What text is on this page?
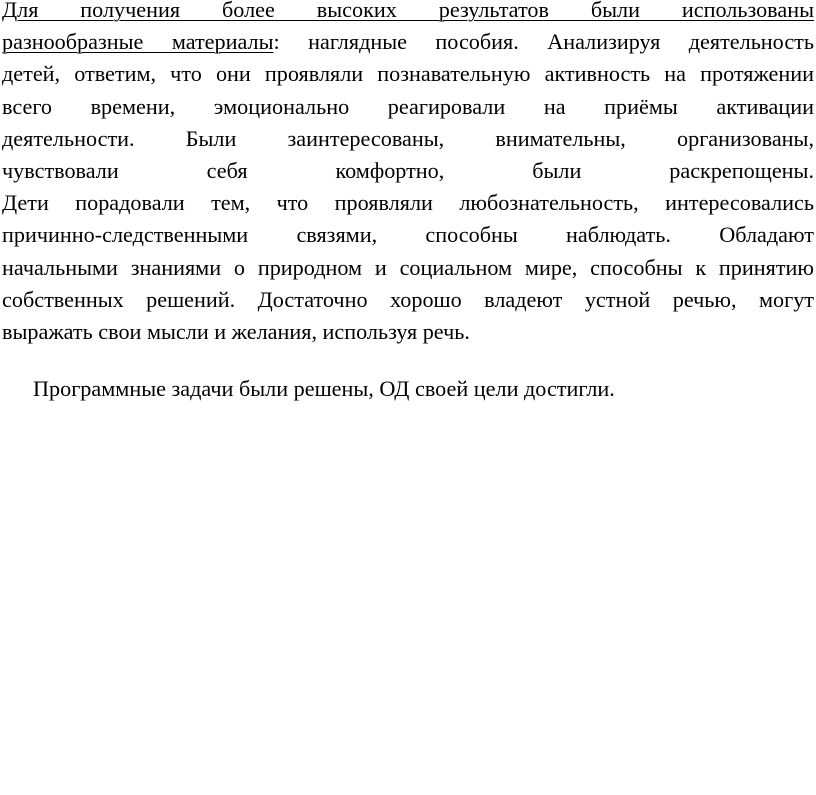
Для получения более высоких результатов были использованы
разнообразные материалы: наглядные пособия. Анализируя деятельность
детей, ответим, что они проявляли познавательную активность на протяжении
всего времени, эмоционально реагировали на приёмы активации
деятельности. Были заинтересованы, внимательны, организованы,
чувствовали себя комфортно, были раскрепощены.
Дети порадовали тем, что проявляли любознательность, интересовались
причинно-следственными связями, способны наблюдать. Обладают
начальными знаниями о природном и социальном мире, способны к принятию
собственных решений. Достаточно хорошо владеют устной речью, могут
выражать свои мысли и желания, используя речь.

Программные задачи были решены, ОД своей цели достигли.
